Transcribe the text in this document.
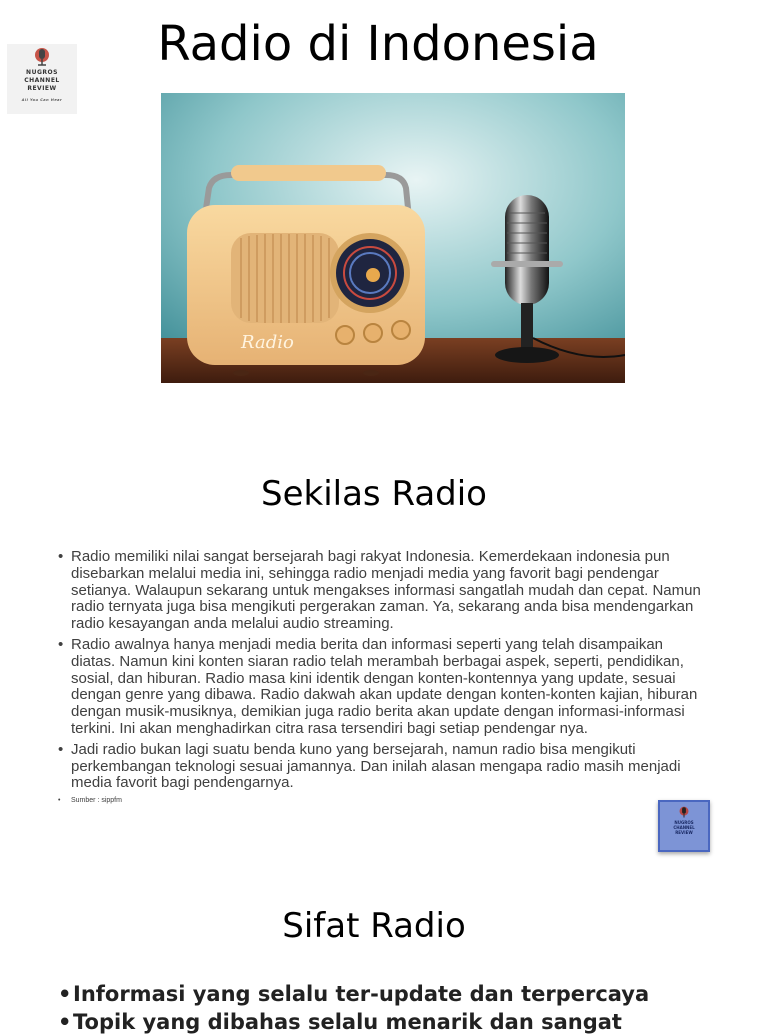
NUGROS
CHANNEL
REVIEW
All You Can Hear
Radio di Indonesia
Radio
Sekilas Radio
• Radio memiliki nilai sangat bersejarah bagi rakyat Indonesia. Kemerdekaan indonesia pun disebarkan melalui media ini, sehingga radio menjadi media yang favorit bagi pendengar setianya. Walaupun sekarang untuk mengakses informasi sangatlah mudah dan cepat. Namun radio ternyata juga bisa mengikuti pergerakan zaman. Ya, sekarang anda bisa mendengarkan radio kesayangan anda melalui audio streaming.
• Radio awalnya hanya menjadi media berita dan informasi seperti yang telah disampaikan diatas. Namun kini konten siaran radio telah merambah berbagai aspek, seperti, pendidikan, sosial, dan hiburan. Radio masa kini identik dengan konten-kontennya yang update, sesuai dengan genre yang dibawa. Radio dakwah akan update dengan konten-konten kajian, hiburan dengan musik-musiknya, demikian juga radio berita akan update dengan informasi-informasi terkini. Ini akan menghadirkan citra rasa tersendiri bagi setiap pendengar nya.
• Jadi radio bukan lagi suatu benda kuno yang bersejarah, namun radio bisa mengikuti perkembangan teknologi sesuai jamannya. Dan inilah alasan mengapa radio masih menjadi media favorit bagi pendengarnya.
• Sumber : sippfm
NUGROS
CHANNEL
REVIEW
Sifat Radio
• Informasi yang selalu ter-update dan terpercaya
• Topik yang dibahas selalu menarik dan sangat
